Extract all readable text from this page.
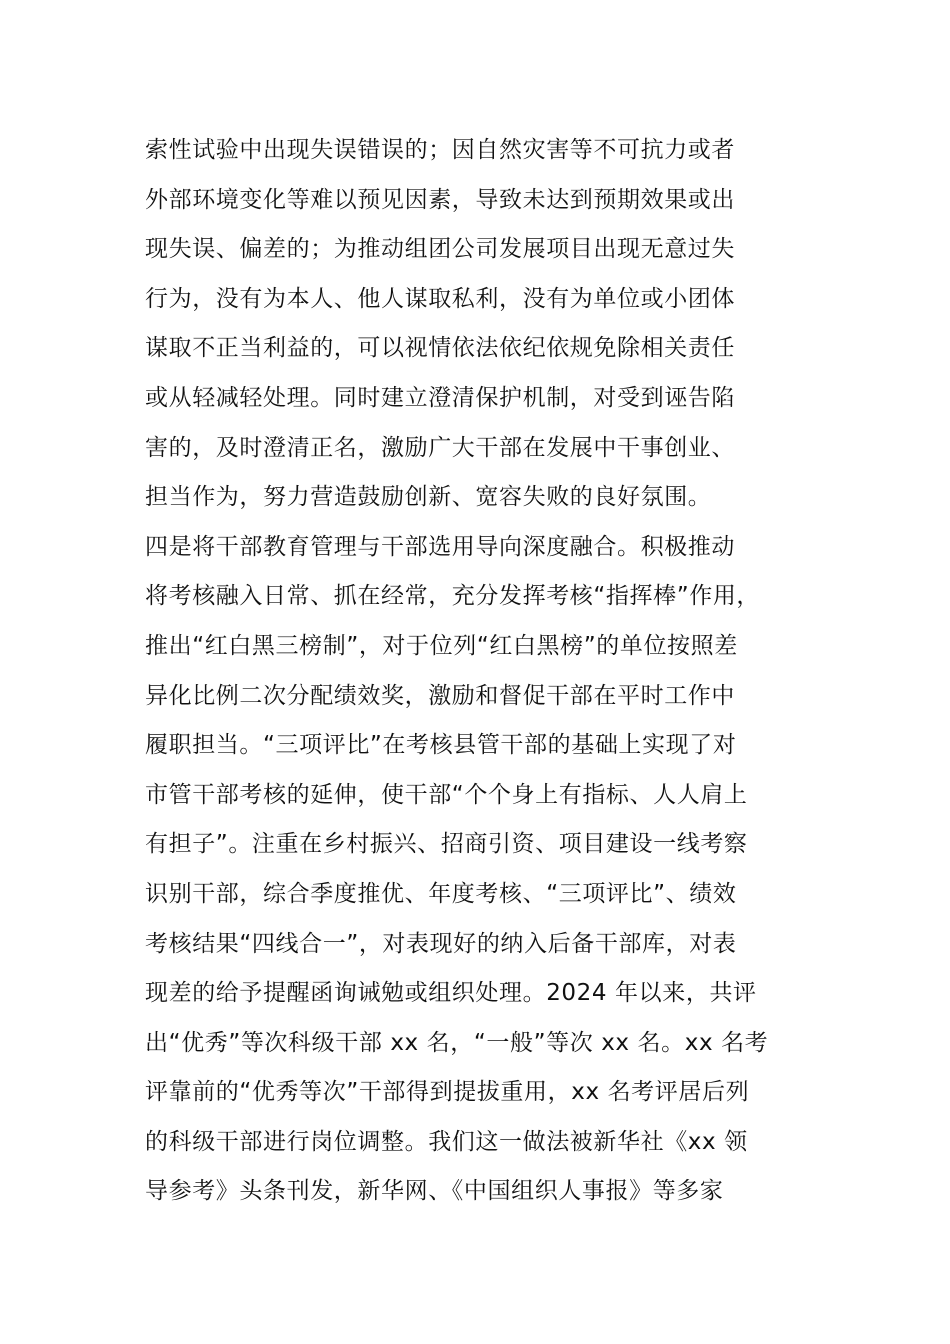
索性试验中出现失误错误的；因自然灾害等不可抗力或者
外部环境变化等难以预见因素，导致未达到预期效果或出
现失误、偏差的；为推动组团公司发展项目出现无意过失
行为，没有为本人、他人谋取私利，没有为单位或小团体
谋取不正当利益的，可以视情依法依纪依规免除相关责任
或从轻减轻处理。同时建立澄清保护机制，对受到诬告陷
害的，及时澄清正名，激励广大干部在发展中干事创业、
担当作为，努力营造鼓励创新、宽容失败的良好氛围。
四是将干部教育管理与干部选用导向深度融合。积极推动
将考核融入日常、抓在经常，充分发挥考核“指挥棒”作用，
推出“红白黑三榜制”，对于位列“红白黑榜”的单位按照差
异化比例二次分配绩效奖，激励和督促干部在平时工作中
履职担当。“三项评比”在考核县管干部的基础上实现了对
市管干部考核的延伸，使干部“个个身上有指标、人人肩上
有担子”。注重在乡村振兴、招商引资、项目建设一线考察
识别干部，综合季度推优、年度考核、“三项评比”、绩效
考核结果“四线合一”，对表现好的纳入后备干部库，对表
现差的给予提醒函询诫勉或组织处理。2024 年以来，共评
出“优秀”等次科级干部 xx 名，“一般”等次 xx 名。xx 名考
评靠前的“优秀等次”干部得到提拔重用，xx 名考评居后列
的科级干部进行岗位调整。我们这一做法被新华社《xx 领
导参考》头条刊发，新华网、《中国组织人事报》等多家
